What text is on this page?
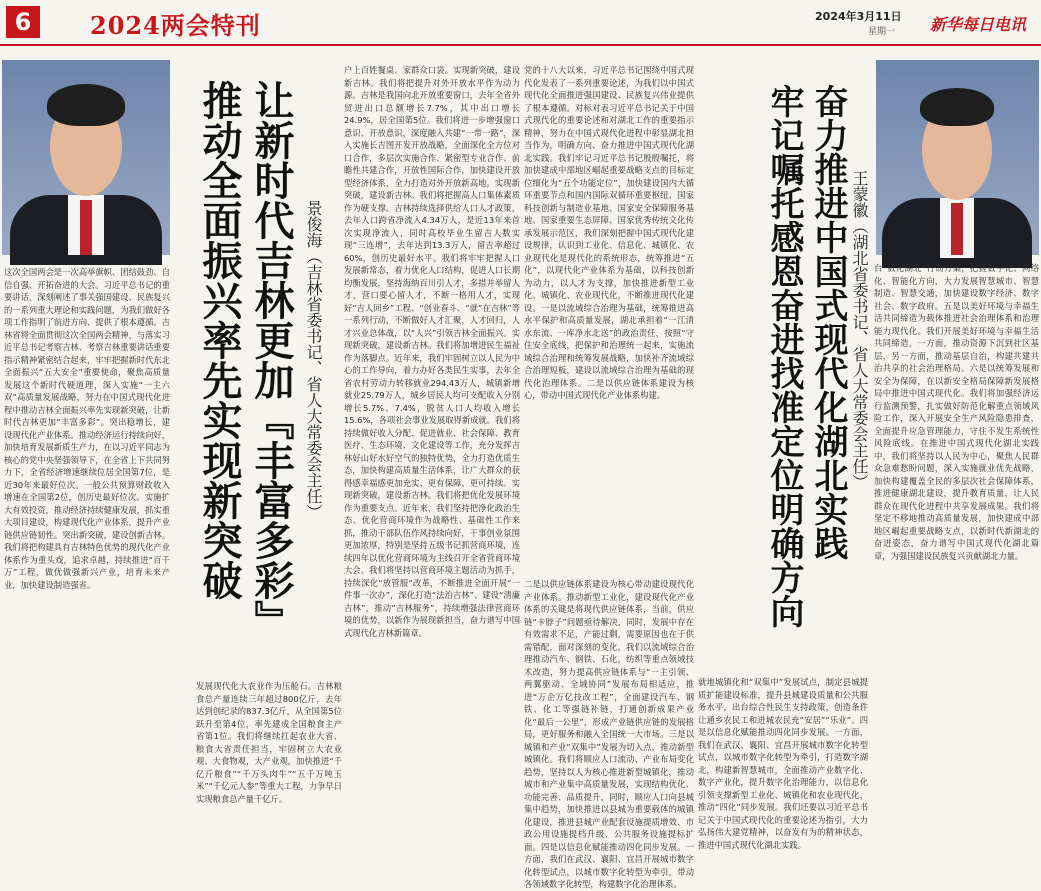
6	2024两会特刊	2024年3月11日
星期一 新华每日电讯
让新时代吉林更加『丰富多彩』
推动全面振兴率先实现新突破	景俊海（吉林省委书记、省人大常委会主任）
这次全国两会是一次高举旗帜、团结鼓劲、自信自强、开拓奋进的大会。习近平总书记的重要讲话，深刻阐述了事关强国建设、民族复兴的一系列重大理论和实践问题，为我们做好各项工作指明了前进方向、提供了根本遵循。吉林省将全面贯彻这次全国两会精神，与落实习近平总书记考察吉林、考察吉林重要讲话重要指示精神紧密结合起来，牢牢把握新时代东北全面振兴“五大安全”重要使命，聚焦高质量发展这个新时代硬道理，深入实施“一主六双”高质量发展战略，努力在中国式现代化进程中推动吉林全面振兴率先实现新突破，让新时代吉林更加“丰富多彩”。突出稳增长，建设现代化产业体系。推动经济运行持续向好，加快培育发展新质生产力，在以习近平同志为核心的党中央坚强领导下，在全省上下共同努力下，全省经济增速继续位居全国第7位，是近30年来最好位次。一般公共预算财政收入增速在全国第2位，创历史最好位次。实施扩大有效投资，推动经济持续健康发展，抓实重大项目建设，构建现代化产业体系，提升产业链供应链韧性。突出新突破，建设创新吉林。我们将把构建具有吉林特色优势的现代化产业体系作为重头戏，追求卓越，持续推进“百千万”工程，做优做强新兴产业，培育未来产业，加快建设制造强省。
发展现代化大农业作为压舱石。吉林粮食总产量连续三年超过800亿斤，去年达到创纪录的837.3亿斤，从全国第5位跃升至第4位，率先建成全国粮食主产省第1位。我们将继续扛起农业大省、粮食大省责任担当，牢固树立大农业观、大食物观，大产业观，加快推进“千亿斤粮食”“千万头肉牛”“五千万吨玉米”“千亿元人参”等重大工程，力争早日实现粮食总产量千亿斤。
户上百姓餐桌、家群众口袋。实现新突破，建设新吉林。我们将把提升对外开放水平作为动力源。吉林是我国向北开放重要窗口，去年全省外贸进出口总额增长7.7%，其中出口增长24.9%，居全国第5位。我们将进一步增强窗口意识、开放意识，深度融入共建“一带一路”，深入实施长吉图开发开放战略，全面深化全方位对口合作，多层次实施合作、紧密型专业合作、前瞻性共建合作，开放性国际合作，加快建设开放型经济体系，全力打造对外开放新高地。实现新突破，建设新吉林。我们将把握高人口集体素质作为硬支撑。吉林持续选择供给人口人才政策，去年人口跨省净流入4.34万人，是近13年来首次实现净流入，同时高校毕业生留吉人数实现“三连增”，去年达到13.3万人，留吉率超过60%，创历史最好水平。我们将牢牢把握人口发展新常态，着力优化人口结构，促进人口长期均衡发展，坚持海纳百川引人才，多措并举留人才，营口要心留人才，不断一格用人才，实现好“吉人回乡”工程、“创业春斗、“就”在吉林”等一系列行动，不断做好人才汇聚，人才回归，人才兴业总体战，以“人兴”引领吉林全面振兴。实现新突破，建设新吉林。我们将加增进民生福祉作为落脚点。近年来，我们牢固树立以人民为中心的工作导向，着力办好各类民生实事，去年全省农村劳动力转移就业294.43万人，城镇新增就业25.79万人，城乡居民人均可支配收入分别增长5.7%、7.4%，脱贫人口人均收入增长15.6%，各项社会事业发展取得新成就。我们将持续做好收入分配、促进就业、社会保障、教育医疗、生态环境、文化建设等工作，充分发挥吉林好山好水好空气的独特优势，全力打造优质生态，加快构建高质量生活体系，让广大群众的获得感幸福感更加充实、更有保障、更可持续。实现新突破，建设新吉林。我们将把优化发展环境作为重要支点。近年来，我们坚持把净化政治生态、优化营商环境作为战略性、基础性工作来抓，推动干部队伍作风持续向好，干事创业氛围更加浓厚，特别是坚持五级书记抓营商环境，连续四年以优化营商环境为主线召开全省营商环境大会。我们将坚持以营商环境主题活动为抓手，持续深化“放管服”改革，不断推进全面开展“一件事一次办”，深化打造“法治吉林”、建设“清廉吉林”，推动“吉林服务”，持续增强法律营商环境的优势，以新作为展现新担当，奋力谱写中国式现代化吉林新篇章。
党的十八大以来，习近平总书记围绕中国式现代化发表了一系列重要论述，为我们以中国式现代化全面推进强国建设、民族复兴伟业提供了根本遵循。对标对表习近平总书记关于中国式现代化的重要论述和对湖北工作的重要指示精神，努力在中国式现代化进程中彰显湖北担当作为，明确方向、奋力推进中国式现代化湖北实践。我们牢记习近平总书记殷殷嘱托，将加快建成中部地区崛起重要战略支点的目标定位细化为“五个功能定位”，加快建设国内大循环重要节点和国内国际双循环重要枢纽、国家科技创新与制造业基地、国家安全保障服务基地、国家重要生态屏障、国家优秀传统文化传承发展示范区，我们深刻把握中国式现代化建设规律，认识到工业化、信息化、城镇化、农业现代化是现代化的系统形态，统筹推进“五化”，以现代化产业体系为基础，以科技创新为动力，以人才为支撑，加快推进新型工业化、城镇化、农业现代化，不断推进现代化建设。一是以流域综合治理为基础，统筹推进高水平保护和高质量发展，湖北承担着“一江清水东流、一库净水北送”的政治责任，按照“守住安全底线，把保护和治理统一起来，实施流域综合治理和统筹发展战略，加快补齐流域综合治理短板，建设以流域综合治理为基础的现代化治理体系。二是以供应链体系建设为核心，带动中国式现代化产业体系构建。
二是以供应链体系建设为核心带动建设现代化产业体系。推动新型工业化，建设现代化产业体系的关键是将现代供应链体系，当前，供应链“卡脖子”问题亟待解决，同时，发展中存在有效需求不足，产能过剩，需要原因也在于供需错配，面对深刻的变化，我们以流域综合治理推动汽车、钢铁、石化，纺织等重点领域技术改造，努力提高供应链体系与“一主引领、两翼驱动、全域协同”发展布局相适应，推进“万企万亿技改工程”，全面建设汽车、钢铁、化工等强链补链，打通创新成果产业化“最后一公里”，形成产业链供应链的发展格局，更好服务和融入全国统一大市场。三是以城镇和产业“双集中”发展为切入点，推动新型城镇化。我们将顺应人口流动、产业布局变化趋势，坚持以人为核心推进新型城镇化，推动城市和产业集中高质量发展，实现结构优化、功能完善、品质提升，同时，顺应人口向县城集中趋势，加快推进以县城为重要载体的城镇化建设，推进县城产业配套设施提质增效、市政公用设施提档升级、公共服务设施提标扩面。四是以信息化赋能推动四化同步发展。一方面，我们在武汉、襄阳、宜昌开展城市数字化转型试点，以城市数字化转型为牵引，带动各领域数字化转型，构建数字化治理体系。
奋力推进中国式现代化湖北实践
牢记嘱托感恩奋进找准定位明确方向	王蒙徽（湖北省委书记、省人大常委会主任）
就地城镇化和“双集中”发展试点，制定县城提质扩能建设标准，提升县城建设质量和公共服务水平，出台综合性民生支持政策，创造条件让通乡农民工和进城农民充“安居”“乐业”。四是以信息化赋能推动四化同步发展。一方面，我们在武汉、襄阳、宜昌开展城市数字化转型试点，以城市数字化转型为牵引，打造数字湖北，构建新智慧城市，全面推动产业数字化、数字产业化，提升数字化治理能力，以信息化引领支撑新型工业化、城镇化和农业现代化，推动“四化”同步发展。我们还要以习近平总书记关于中国式现代化的重要论述为指引，大力弘扬伟大建党精神，以奋发有为的精神状态，推进中国式现代化湖北实践。
台“数化湖北”行动方案，把握数字化、网络化、智能化方向，大力发展智慧城市、智慧制造、智慧交通，加快建设数字经济、数字社会、数字政府。五是以美好环境与幸福生活共同缔造为载体推进社会治理体系和治理能力现代化。我们开展美好环境与幸福生活共同缔造，一方面，推动资源下沉到社区基层，另一方面，推动基层自治，构建共建共治共享的社会治理格局。六是以统筹发展和安全为保障，在以新安全格局保障新发展格局中推进中国式现代化。我们将加强经济运行监测预警，扎实做好防范化解重点领域风险工作，深入开展安全生产风险隐患排查，全面提升应急管理能力，守住不发生系统性风险底线。在推进中国式现代化湖北实践中，我们将坚持以人民为中心，聚焦人民群众急难愁盼问题，深入实施就业优先战略，加快构建覆盖全民的多层次社会保障体系，推进健康湖北建设，提升教育质量，让人民群众在现代化进程中共享发展成果。我们将坚定不移地推动高质量发展，加快建成中部地区崛起重要战略支点，以新时代新湖北的奋进姿态，奋力谱写中国式现代化湖北篇章，为强国建设民族复兴贡献湖北力量。
